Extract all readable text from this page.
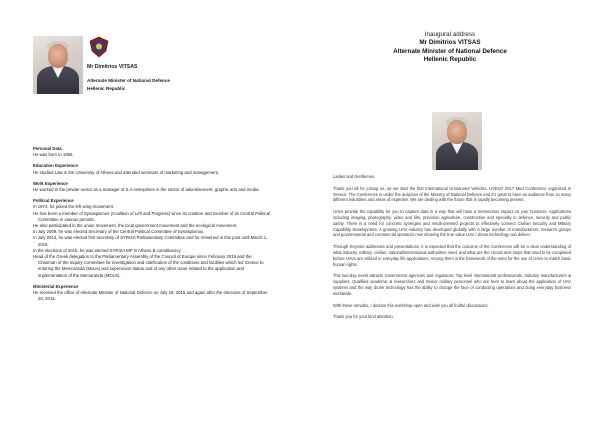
Mr Dimitrios VITSAS
Alternate Minister of National Defence
Hellenic Republic
Personal Data

He was born in 1956.

Education Experience

He studied Law in the University of Athens and attended seminars of marketing and management.

Work Experience

He worked in the private sector as a manager of S.A enterprises in the sector of advertisement, graphic arts and media.

Political Experience

In 1974, he joined the left-wing movement.

He has been a member of Synaspismos (Coalition of Left and Progress) since its creation and member of its Central Political Committee in various periods.

He also participated in the union movement, the local government movement and the ecological movement.

In July 2009, he was elected Secretary of the Central Political Committee of Synaspismos.

In July 2013, he was elected first secretary of SYRIZA Parliamentary Committee and he remained in this post until March 1, 2015.

In the elections of 2015, he was elected SYRIZA MP in Athens B constituency.

Head of the Greek delegation to the Parliamentary Assembly of the Council of Europe since February 2015 and the Chairman of the Inquiry Committee for investigation and clarification of the conditions and facilities which led Greece to entering the Memoranda (MoUs) and supervision status and of any other issue related to the application and implementation of the Memoranda (MOUs).

Ministerial Experience

He received the office of Alternate Minister of National Defence on July 18, 2015 and again after the elections of September 20, 2015.

Inaugural address
Mr Dimitrios VITSAS
Alternate Minister of National Defence
Hellenic Republic

Ladies and Gentlemen,

Thank you all for joining us, as we start the first International Unmanned Vehicles, UVEUV 2017 Med Conference organized in Greece. The Conference is under the auspices of the Ministry of National Defence and it's great to have an audience from so many different industries and areas of expertise. We are dealing with the future that is rapidly becoming present.

UAVs provide the capability for you to capture data in a way that will have a tremendous impact on your business. Applications including imaging, photography, video and film, precision agriculture, construction and specially in defence, security and public safety. There is a need for concrete synergies and result-oriented projects to effectively connect Civilian Security and Military Capability Development. A growing UAV industry has developed globally with a large number of manufacturers, research groups and governmental and commercial operators now showing the true value UAV / drone technology can deliver.

Through Keynote addresses and presentations, it is expected that the outcome of the Conference will be a clear understanding of what industry, military, civilian, national/international authorities need, and what are the crucial next steps that need to be completed before UAVs are utilized in everyday life applications. Among them is the framework of the rules for the use of UAVs to match basic human rights.

This two-day event attracts Government agencies and regulators, Top level international professionals, Industry manufacturers & suppliers, Qualified academic & researchers and Senior military personnel who are here to learn about the application of UAV systems and the way drone technology has the ability to change the face of conducting operations and doing everyday business worldwide.

With these remarks, I declare this workshop open and wish you all fruitful discussions.

Thank you for your kind attention.
